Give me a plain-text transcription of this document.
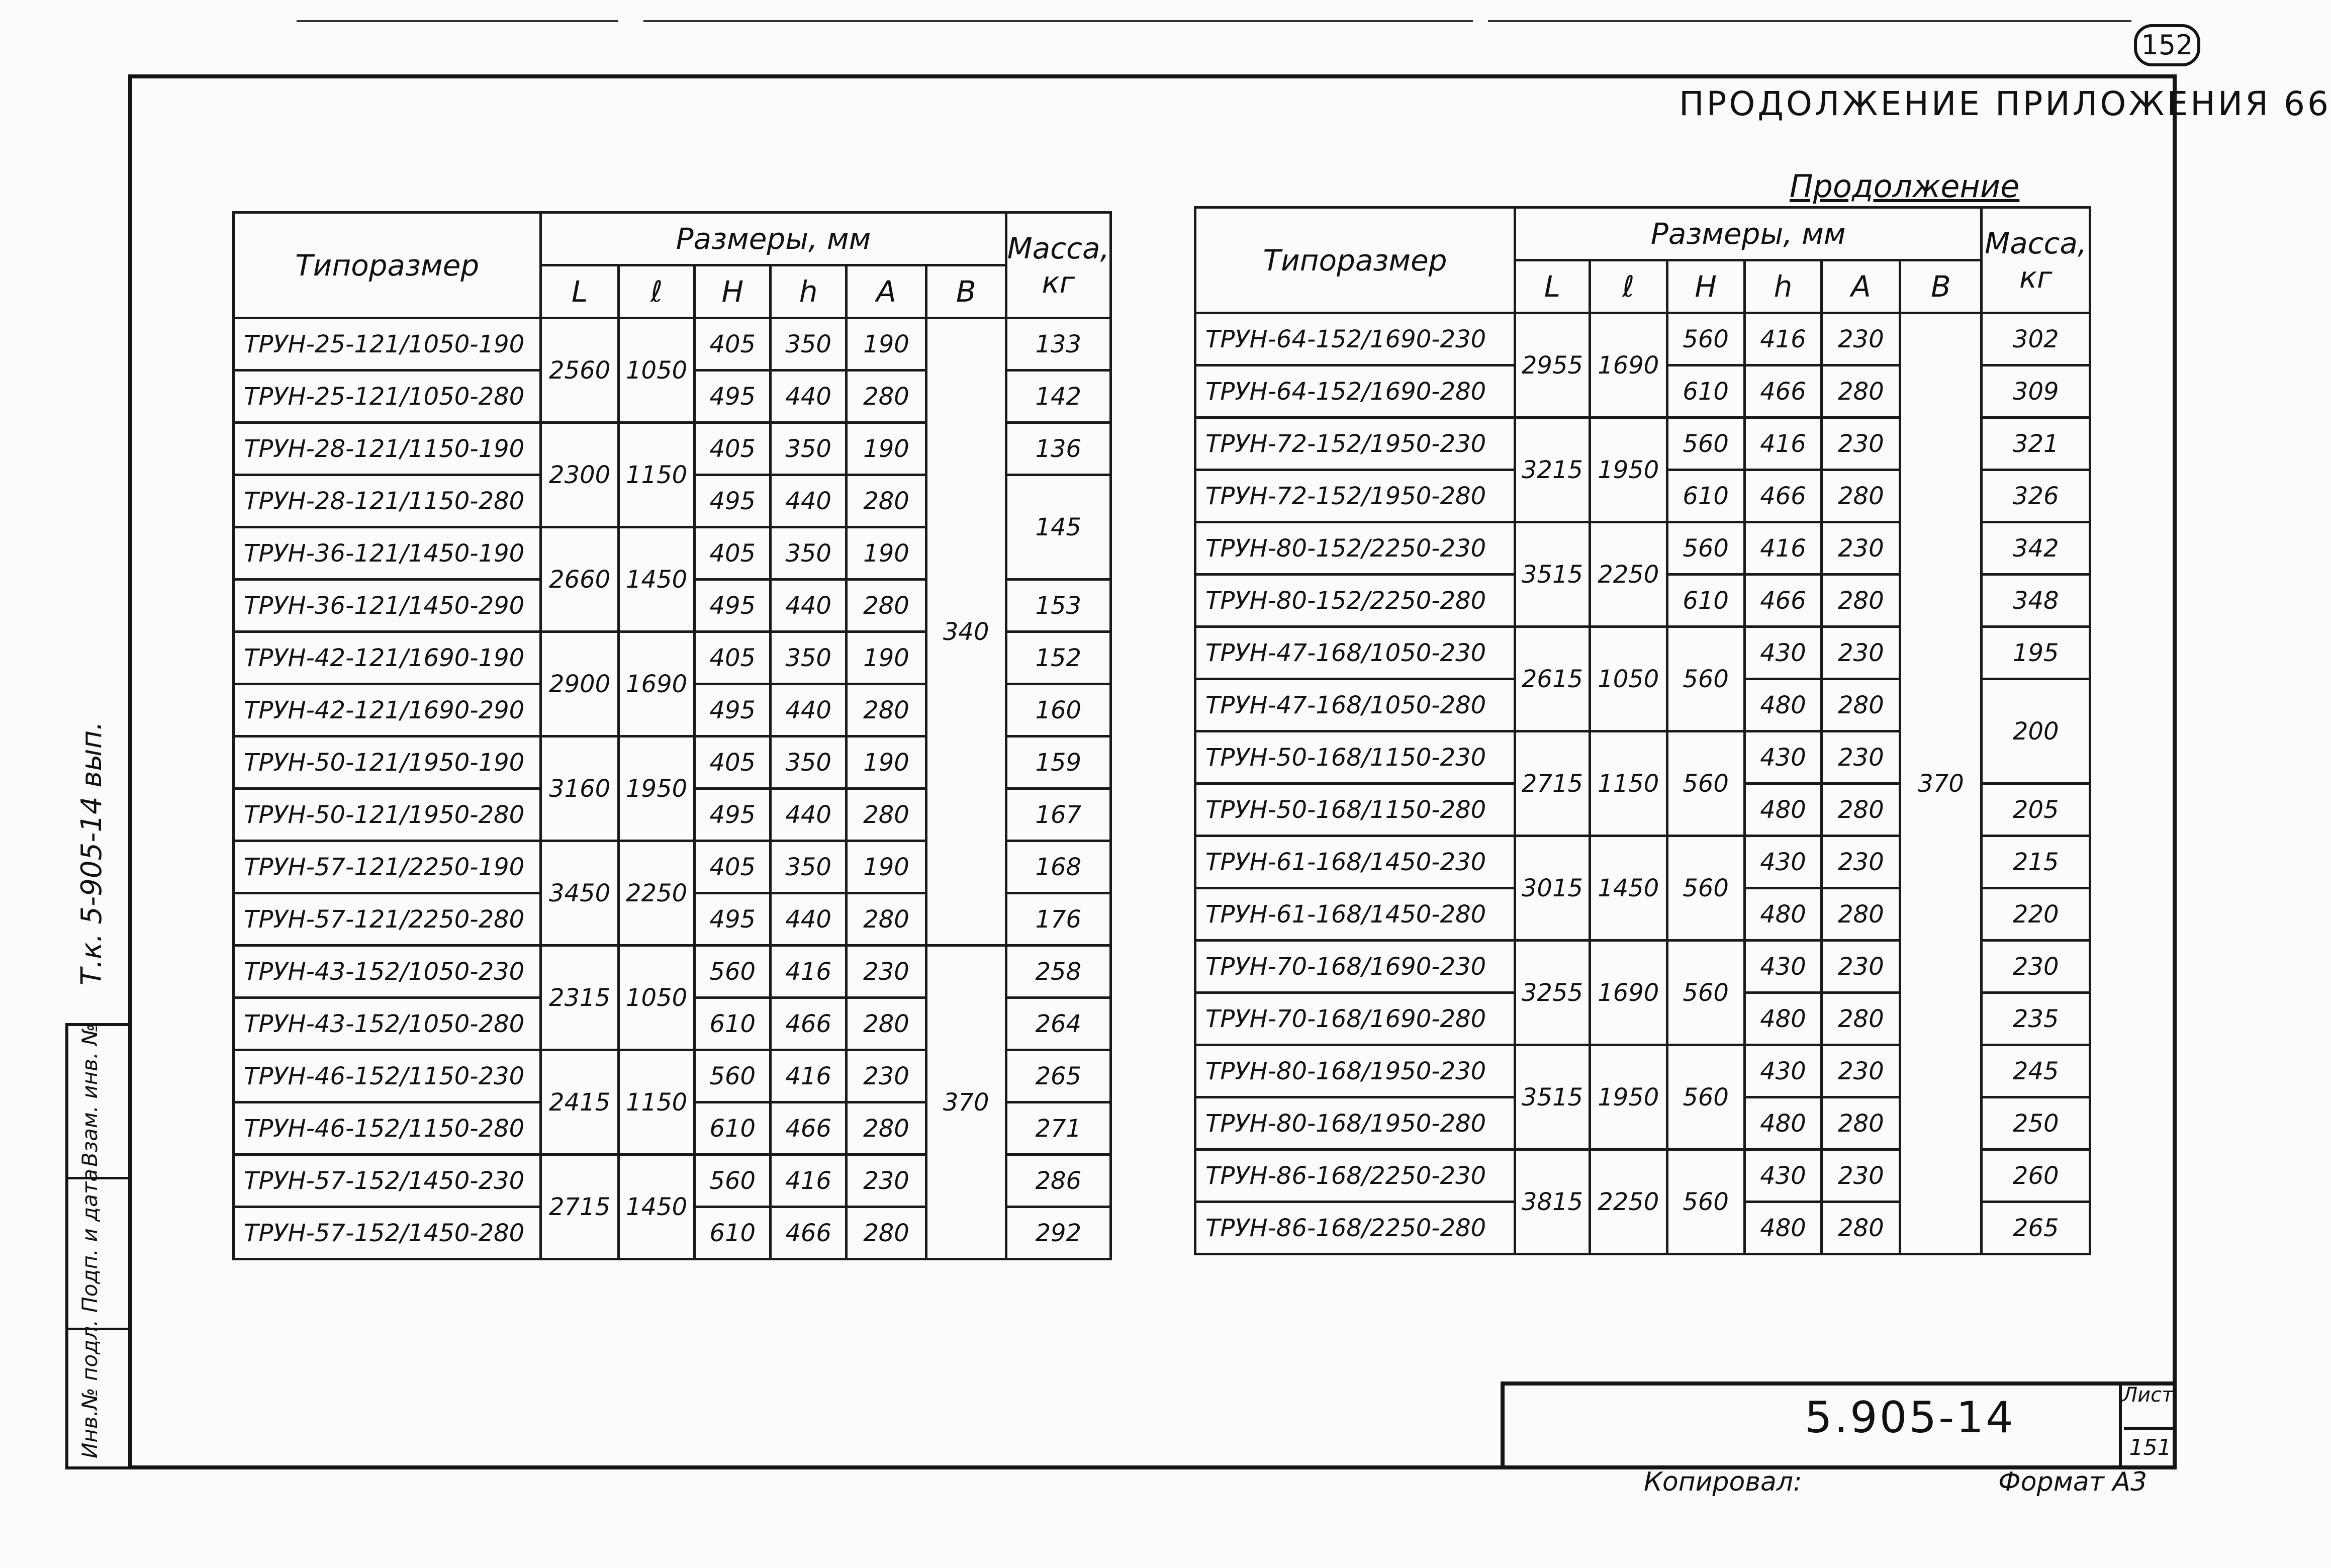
152
ПРОДОЛЖЕНИЕ ПРИЛОЖЕНИЯ 66
Продолжение
Типоразмер	Размеры, мм						Масса, кг
	L	ℓ	H	h	A	B	
ТРУН-25-121/1050-190	2560	1050	405	350	190	340	133
ТРУН-25-121/1050-280			495	440	280		142
ТРУН-28-121/1150-190	2300	1150	405	350	190		136
ТРУН-28-121/1150-280			495	440	280		145
ТРУН-36-121/1450-190	2660	1450	405	350	190		
ТРУН-36-121/1450-290			495	440	280		153
ТРУН-42-121/1690-190	2900	1690	405	350	190		152
ТРУН-42-121/1690-290			495	440	280		160
ТРУН-50-121/1950-190	3160	1950	405	350	190		159
ТРУН-50-121/1950-280			495	440	280		167
ТРУН-57-121/2250-190	3450	2250	405	350	190		168
ТРУН-57-121/2250-280			495	440	280		176
ТРУН-43-152/1050-230	2315	1050	560	416	230	370	258
ТРУН-43-152/1050-280			610	466	280		264
ТРУН-46-152/1150-230	2415	1150	560	416	230		265
ТРУН-46-152/1150-280			610	466	280		271
ТРУН-57-152/1450-230	2715	1450	560	416	230		286
ТРУН-57-152/1450-280			610	466	280		292
Типоразмер	Размеры, мм						Масса, кг
	L	ℓ	H	h	A	B	
ТРУН-64-152/1690-230	2955	1690	560	416	230	370	302
ТРУН-64-152/1690-280			610	466	280		309
ТРУН-72-152/1950-230	3215	1950	560	416	230		321
ТРУН-72-152/1950-280			610	466	280		326
ТРУН-80-152/2250-230	3515	2250	560	416	230		342
ТРУН-80-152/2250-280			610	466	280		348
ТРУН-47-168/1050-230	2615	1050	560	430	230		195
ТРУН-47-168/1050-280				480	280		200
ТРУН-50-168/1150-230	2715	1150	560	430	230		
ТРУН-50-168/1150-280				480	280		205
ТРУН-61-168/1450-230	3015	1450	560	430	230		215
ТРУН-61-168/1450-280				480	280		220
ТРУН-70-168/1690-230	3255	1690	560	430	230		230
ТРУН-70-168/1690-280				480	280		235
ТРУН-80-168/1950-230	3515	1950	560	430	230		245
ТРУН-80-168/1950-280				480	280		250
ТРУН-86-168/2250-230	3815	2250	560	430	230		260
ТРУН-86-168/2250-280				480	280		265
5.905-14	Лист
151
Копировал:	Формат А3
Т.к. 5-905-14 вып.
Взам. инв. №
Подп. и дата
Инв.№ подл.
